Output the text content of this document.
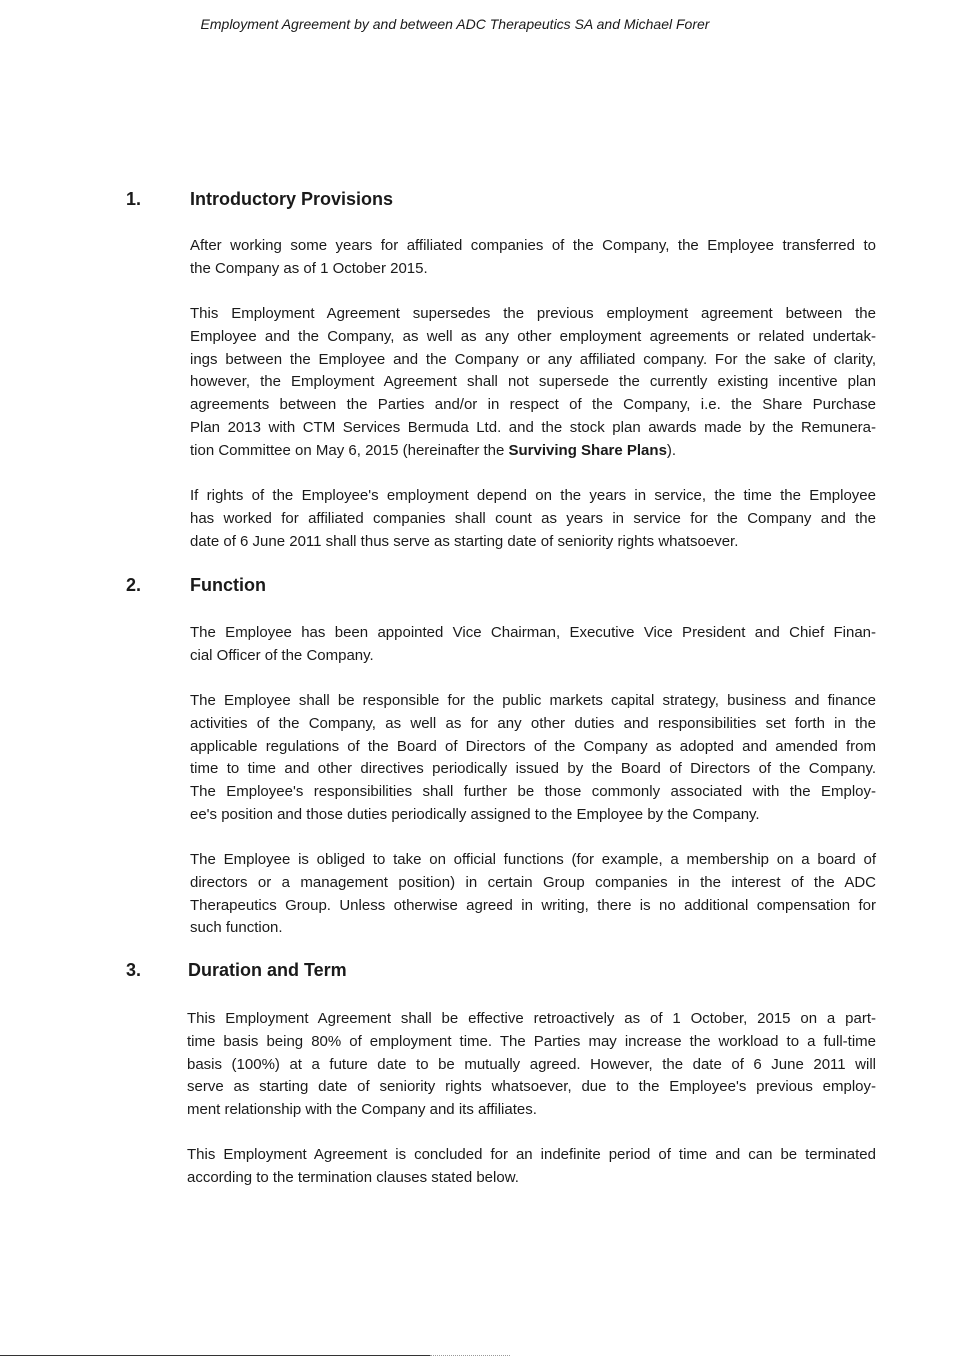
Employment Agreement by and between ADC Therapeutics SA and Michael Forer
1.	Introductory Provisions
After working some years for affiliated companies of the Company, the Employee transferred to
the Company as of 1 October 2015.
This Employment Agreement supersedes the previous employment agreement between the
Employee and the Company, as well as any other employment agreements or related undertak-
ings between the Employee and the Company or any affiliated company. For the sake of clarity,
however, the Employment Agreement shall not supersede the currently existing incentive plan
agreements between the Parties and/or in respect of the Company, i.e. the Share Purchase
Plan 2013 with CTM Services Bermuda Ltd. and the stock plan awards made by the Remunera-
tion Committee on May 6, 2015 (hereinafter the Surviving Share Plans).
If rights of the Employee's employment depend on the years in service, the time the Employee
has worked for affiliated companies shall count as years in service for the Company and the
date of 6 June 2011 shall thus serve as starting date of seniority rights whatsoever.
2.	Function
The Employee has been appointed Vice Chairman, Executive Vice President and Chief Finan-
cial Officer of the Company.
The Employee shall be responsible for the public markets capital strategy, business and finance
activities of the Company, as well as for any other duties and responsibilities set forth in the
applicable regulations of the Board of Directors of the Company as adopted and amended from
time to time and other directives periodically issued by the Board of Directors of the Company.
The Employee's responsibilities shall further be those commonly associated with the Employ-
ee's position and those duties periodically assigned to the Employee by the Company.
The Employee is obliged to take on official functions (for example, a membership on a board of
directors or a management position) in certain Group companies in the interest of the ADC
Therapeutics Group. Unless otherwise agreed in writing, there is no additional compensation for
such function.
3.	Duration and Term
This Employment Agreement shall be effective retroactively as of 1 October, 2015 on a part-
time basis being 80% of employment time. The Parties may increase the workload to a full-time
basis (100%) at a future date to be mutually agreed. However, the date of 6 June 2011 will
serve as starting date of seniority rights whatsoever, due to the Employee's previous employ-
ment relationship with the Company and its affiliates.
This Employment Agreement is concluded for an indefinite period of time and can be terminated
according to the termination clauses stated below.
